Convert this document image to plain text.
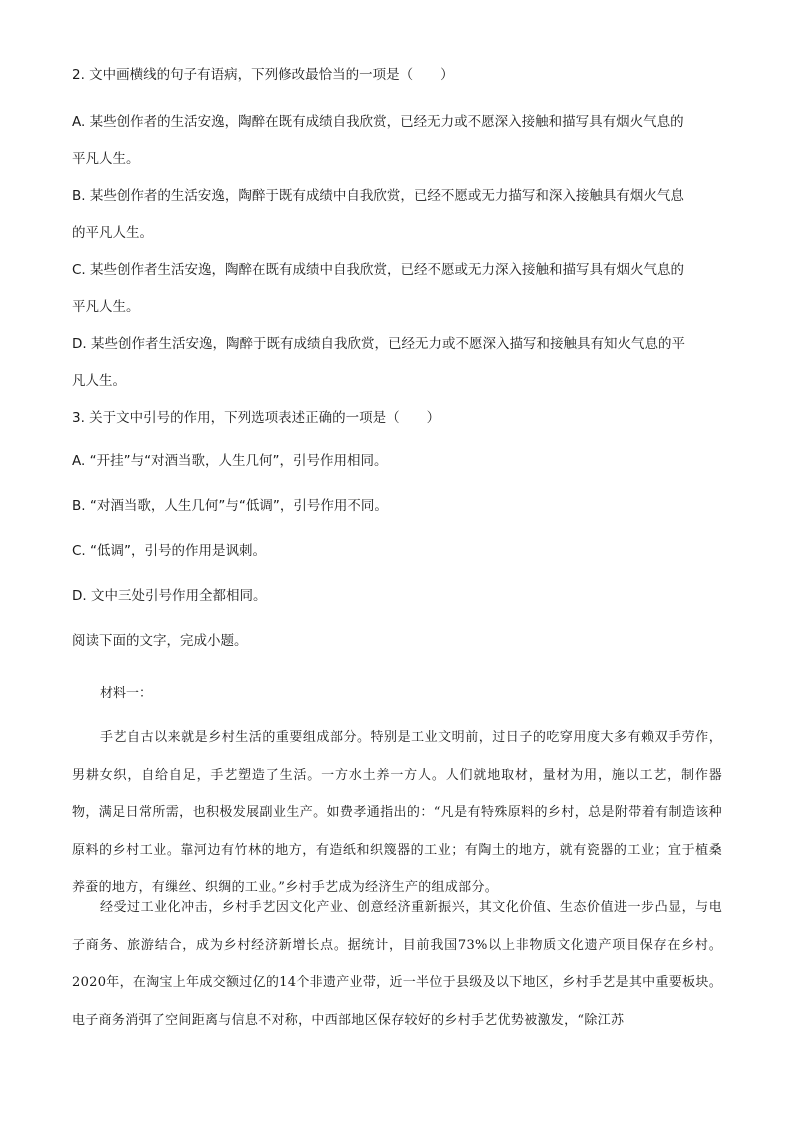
2. 文中画横线的句子有语病，下列修改最恰当的一项是（　　）

A. 某些创作者的生活安逸，陶醉在既有成绩自我欣赏，已经无力或不愿深入接触和描写具有烟火气息的

平凡人生。

B. 某些创作者的生活安逸，陶醉于既有成绩中自我欣赏，已经不愿或无力描写和深入接触具有烟火气息

的平凡人生。

C. 某些创作者生活安逸，陶醉在既有成绩中自我欣赏，已经不愿或无力深入接触和描写具有烟火气息的

平凡人生。

D. 某些创作者生活安逸，陶醉于既有成绩自我欣赏，已经无力或不愿深入描写和接触具有知火气息的平

凡人生。

3. 关于文中引号的作用，下列选项表述正确的一项是（　　）

A. “开挂”与“对酒当歌，人生几何”，引号作用相同。

B. “对酒当歌，人生几何”与“低调”，引号作用不同。

C. “低调”，引号的作用是讽刺。

D. 文中三处引号作用全都相同。

阅读下面的文字，完成小题。

材料一：

手艺自古以来就是乡村生活的重要组成部分。特别是工业文明前，过日子的吃穿用度大多有赖双手劳作，男耕女织，自给自足，手艺塑造了生活。一方水土养一方人。人们就地取材，量材为用，施以工艺，制作器物，满足日常所需，也积极发展副业生产。如费孝通指出的：“凡是有特殊原料的乡村，总是附带着有制造该种原料的乡村工业。靠河边有竹林的地方，有造纸和织篾器的工业；有陶土的地方，就有瓷器的工业；宜于植桑养蚕的地方，有缫丝、织绸的工业。”乡村手艺成为经济生产的组成部分。

经受过工业化冲击，乡村手艺因文化产业、创意经济重新振兴，其文化价值、生态价值进一步凸显，与电子商务、旅游结合，成为乡村经济新增长点。据统计，目前我国73%以上非物质文化遗产项目保存在乡村。2020年，在淘宝上年成交额过亿的14个非遗产业带，近一半位于县级及以下地区，乡村手艺是其中重要板块。电子商务消弭了空间距离与信息不对称，中西部地区保存较好的乡村手艺优势被激发，“除江苏
